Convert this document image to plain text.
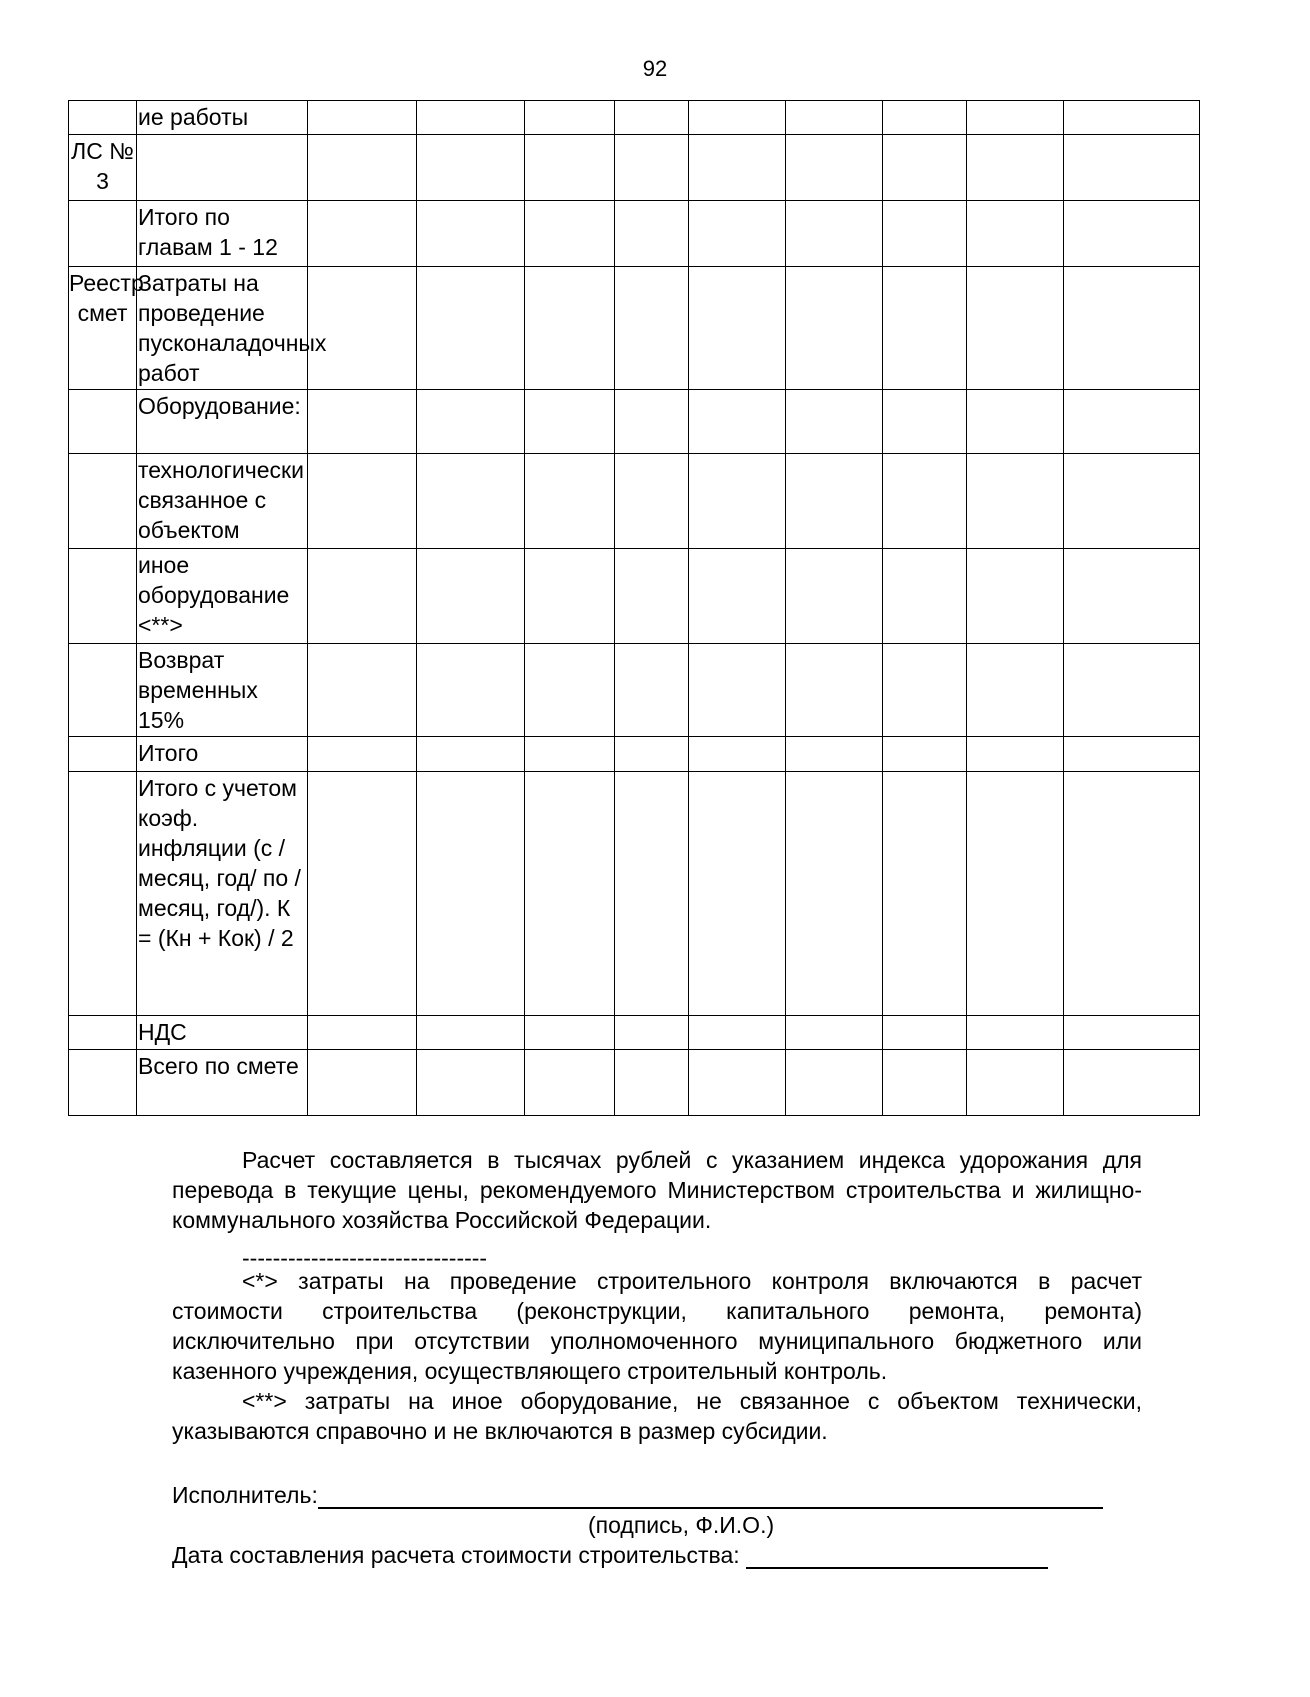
92
	ие работы									
ЛС № 3										
	Итого по главам 1 - 12									
Реестр смет	Затраты на проведение пусконаладочных работ									
	Оборудование:									
	технологически связанное с объектом									
	иное оборудование <**>									
	Возврат временных 15%									
	Итого									
	Итого с учетом коэф. инфляции (с /месяц, год/ по /месяц, год/). К = (Кн + Кок) / 2									
	НДС									
	Всего по смете									

Расчет составляется в тысячах рублей с указанием индекса удорожания для перевода в текущие цены, рекомендуемого Министерством строительства и жилищно-коммунального хозяйства Российской Федерации.

--------------------------------

<*> затраты на проведение строительного контроля включаются в расчет стоимости строительства (реконструкции, капитального ремонта, ремонта) исключительно при отсутствии уполномоченного муниципального бюджетного или казенного учреждения, осуществляющего строительный контроль.

<**> затраты на иное оборудование, не связанное с объектом технически, указываются справочно и не включаются в размер субсидии.

Исполнитель:
(подпись, Ф.И.О.)
Дата составления расчета стоимости строительства:
